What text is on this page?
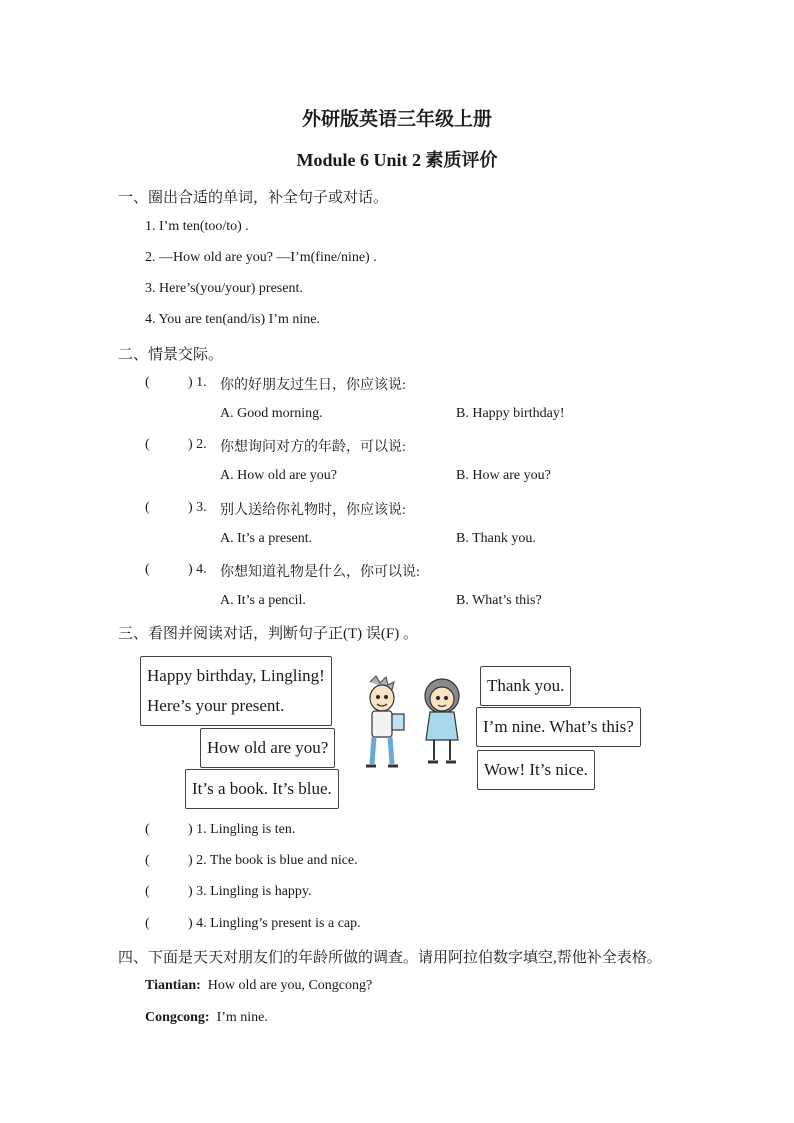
外研版英语三年级上册
Module 6 Unit 2 素质评价
一、圈出合适的单词，补全句子或对话。
1. I’m ten(too/to) .
2. —How old are you? —I’m(fine/nine) .
3. Here’s(you/your) present.
4. You are ten(and/is) I’m nine.
二、情景交际。
(	) 1. 你的好朋友过生日，你应该说:
A. Good morning.	B. Happy birthday!
(	) 2. 你想询问对方的年龄，可以说:
A. How old are you?	B. How are you?
(	) 3. 别人送给你礼物时，你应该说:
A. It’s a present.	B. Thank you.
(	) 4. 你想知道礼物是什么，你可以说:
A. It’s a pencil.	B. What’s this?
三、看图并阅读对话，判断句子正(T) 误(F) 。
Happy birthday, Lingling!
Here’s your present.
How old are you?
It’s a book. It’s blue.
Thank you.
I’m nine. What’s this?
Wow! It’s nice.
(	) 1. Lingling is ten.
(	) 2. The book is blue and nice.
(	) 3. Lingling is happy.
(	) 4. Lingling’s present is a cap.
四、下面是天天对朋友们的年龄所做的调查。请用阿拉伯数字填空,帮他补全表格。
Tiantian: How old are you, Congcong?
Congcong: I’m nine.
